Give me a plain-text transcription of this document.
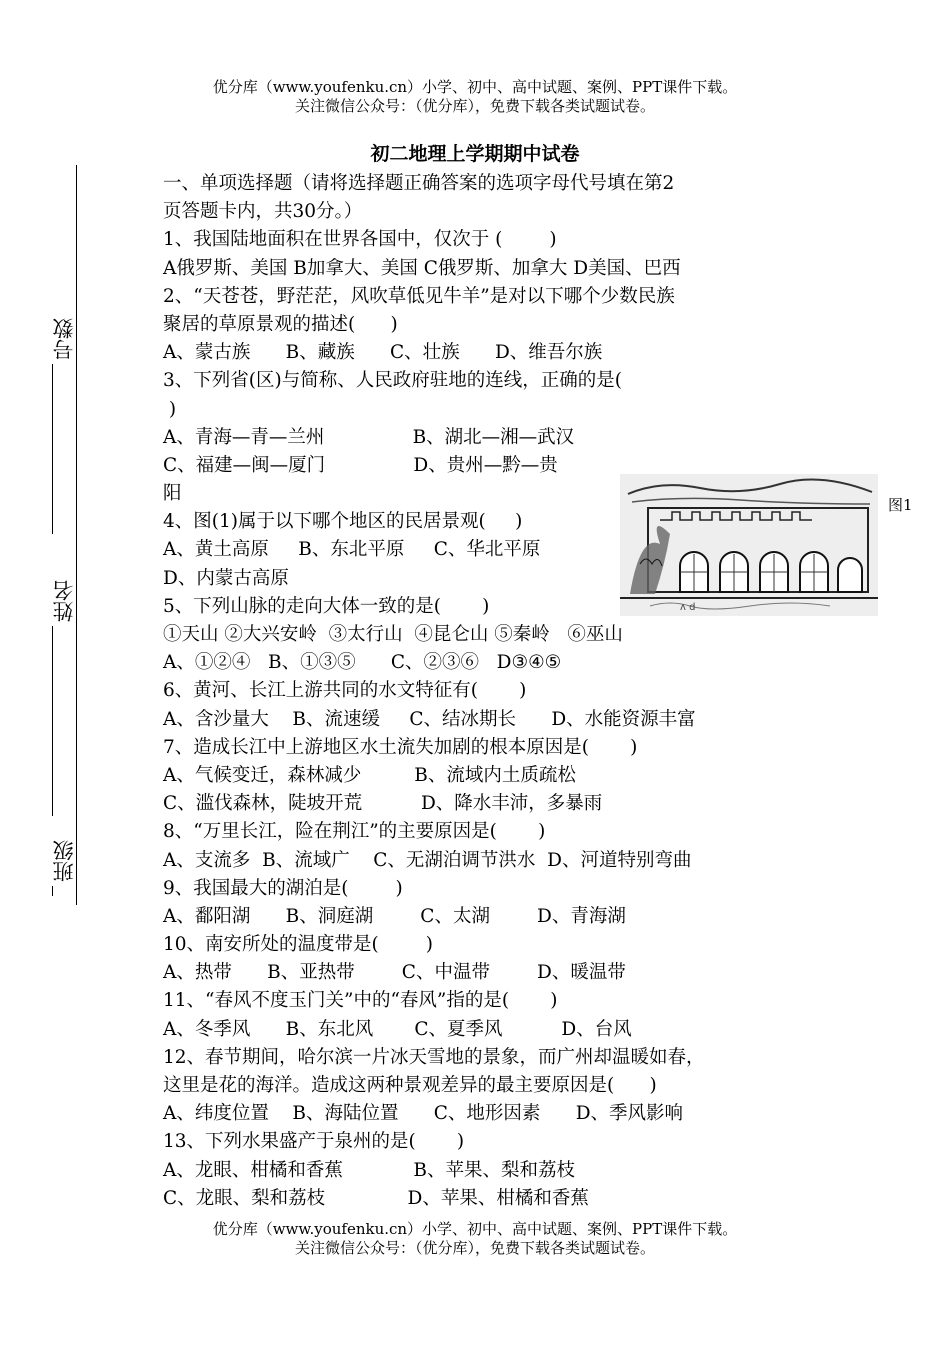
优分库（www.youfenku.cn）小学、初中、高中试题、案例、PPT课件下载。
关注微信公众号：（优分库），免费下载各类试题试卷。
初二地理上学期期中试卷
号数
姓名
班级
一、单项选择题（请将选择题正确答案的选项字母代号填在第2
页答题卡内，共30分。）
1、我国陆地面积在世界各国中，仅次于 (        )
A俄罗斯、美国 B加拿大、美国 C俄罗斯、加拿大 D美国、巴西
2、“天苍苍，野茫茫，风吹草低见牛羊”是对以下哪个少数民族
聚居的草原景观的描述(      )
A、蒙古族      B、藏族      C、壮族      D、维吾尔族
3、下列省(区)与简称、人民政府驻地的连线，正确的是(
)
A、青海—青—兰州               B、湖北—湘—武汉
C、福建—闽—厦门               D、贵州—黔—贵
阳
4、图(1)属于以下哪个地区的民居景观(     )
A、黄土高原     B、东北平原     C、华北平原
D、内蒙古高原
5、下列山脉的走向大体一致的是(       )
①天山 ②大兴安岭  ③太行山  ④昆仑山 ⑤秦岭   ⑥巫山
A、①②④   B、①③⑤      C、②③⑥   D③④⑤
6、黄河、长江上游共同的水文特征有(       )
A、含沙量大    B、流速缓     C、结冰期长      D、水能资源丰富
7、造成长江中上游地区水土流失加剧的根本原因是(       )
A、气候变迁，森林减少         B、流域内土质疏松
C、滥伐森林，陡坡开荒          D、降水丰沛，多暴雨
8、“万里长江，险在荆江”的主要原因是(       )
A、支流多  B、流域广    C、无湖泊调节洪水  D、河道特别弯曲
9、我国最大的湖泊是(        )
A、鄱阳湖      B、洞庭湖        C、太湖        D、青海湖
10、南安所处的温度带是(        )
A、热带      B、亚热带        C、中温带        D、暖温带
11、“春风不度玉门关”中的“春风”指的是(       )
A、冬季风      B、东北风       C、夏季风          D、台风
12、春节期间，哈尔滨一片冰天雪地的景象，而广州却温暖如春，
这里是花的海洋。造成这两种景观差异的最主要原因是(      )
A、纬度位置    B、海陆位置      C、地形因素      D、季风影响
13、下列水果盛产于泉州的是(       )
A、龙眼、柑橘和香蕉            B、苹果、梨和荔枝
C、龙眼、梨和荔枝              D、苹果、柑橘和香蕉
ʌ d
图1
优分库（www.youfenku.cn）小学、初中、高中试题、案例、PPT课件下载。
关注微信公众号：（优分库），免费下载各类试题试卷。
